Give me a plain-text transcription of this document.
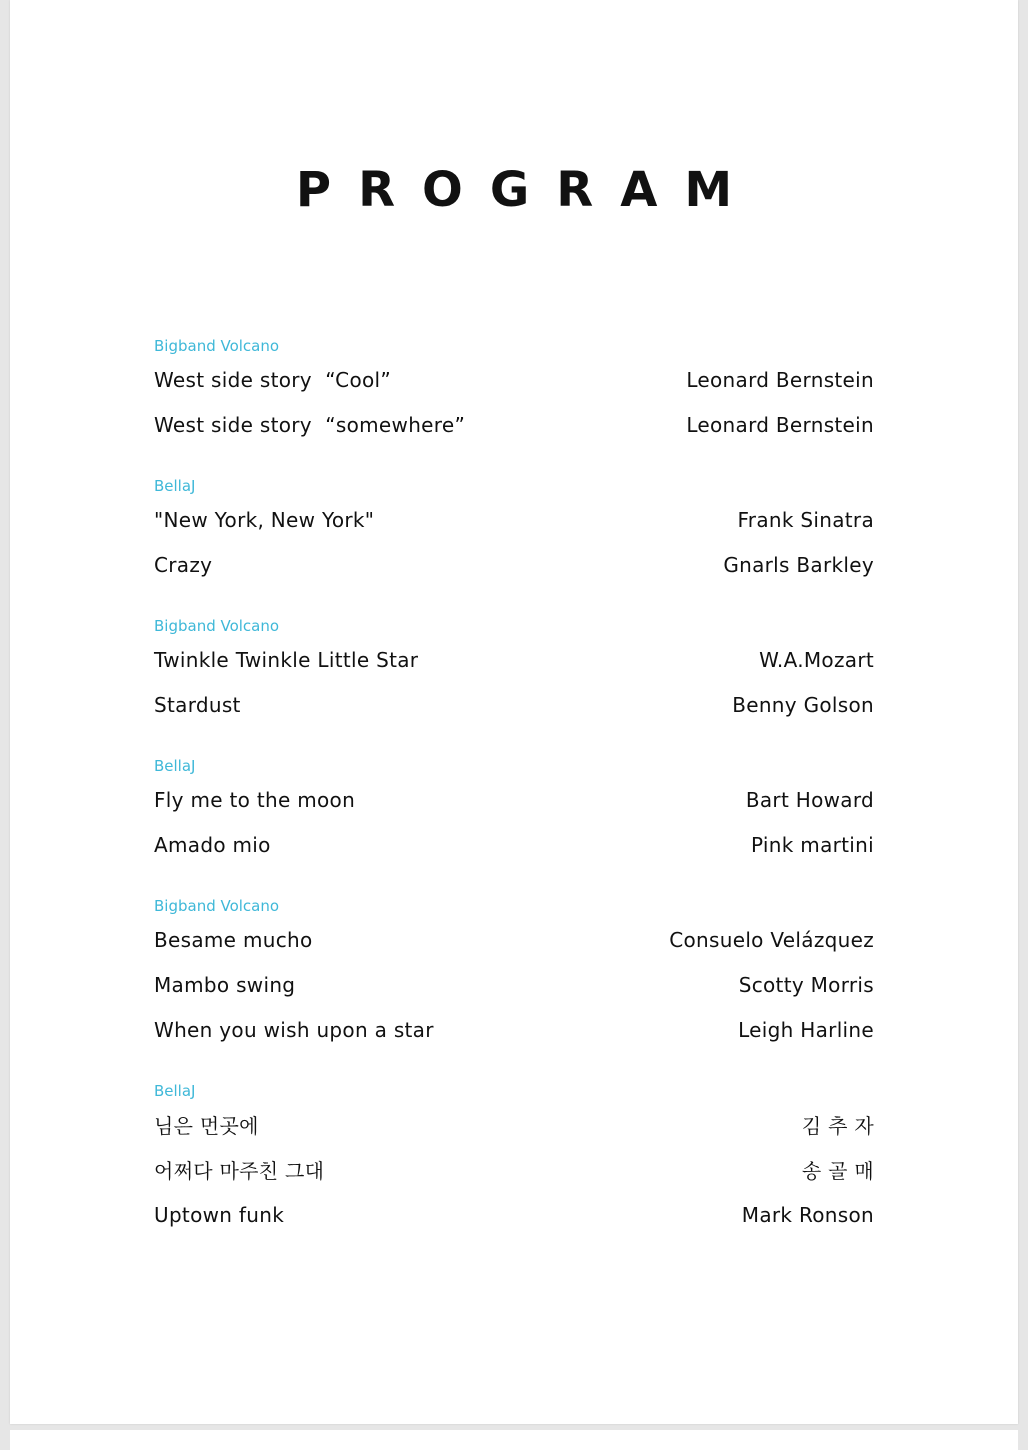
PROGRAM
Bigband Volcano
West side story  “Cool”	Leonard Bernstein
West side story  “somewhere”	Leonard Bernstein
BellaJ
"New York, New York"	Frank Sinatra
Crazy	Gnarls Barkley
Bigband Volcano
Twinkle Twinkle Little Star	W.A.Mozart
Stardust	Benny Golson
BellaJ
Fly me to the moon	Bart Howard
Amado mio	Pink martini
Bigband Volcano
Besame mucho	Consuelo Velázquez
Mambo swing	Scotty Morris
When you wish upon a star	Leigh Harline
BellaJ
님은 먼곳에	김 추 자
어쩌다 마주친 그대	송 골 매
Uptown funk	Mark Ronson
